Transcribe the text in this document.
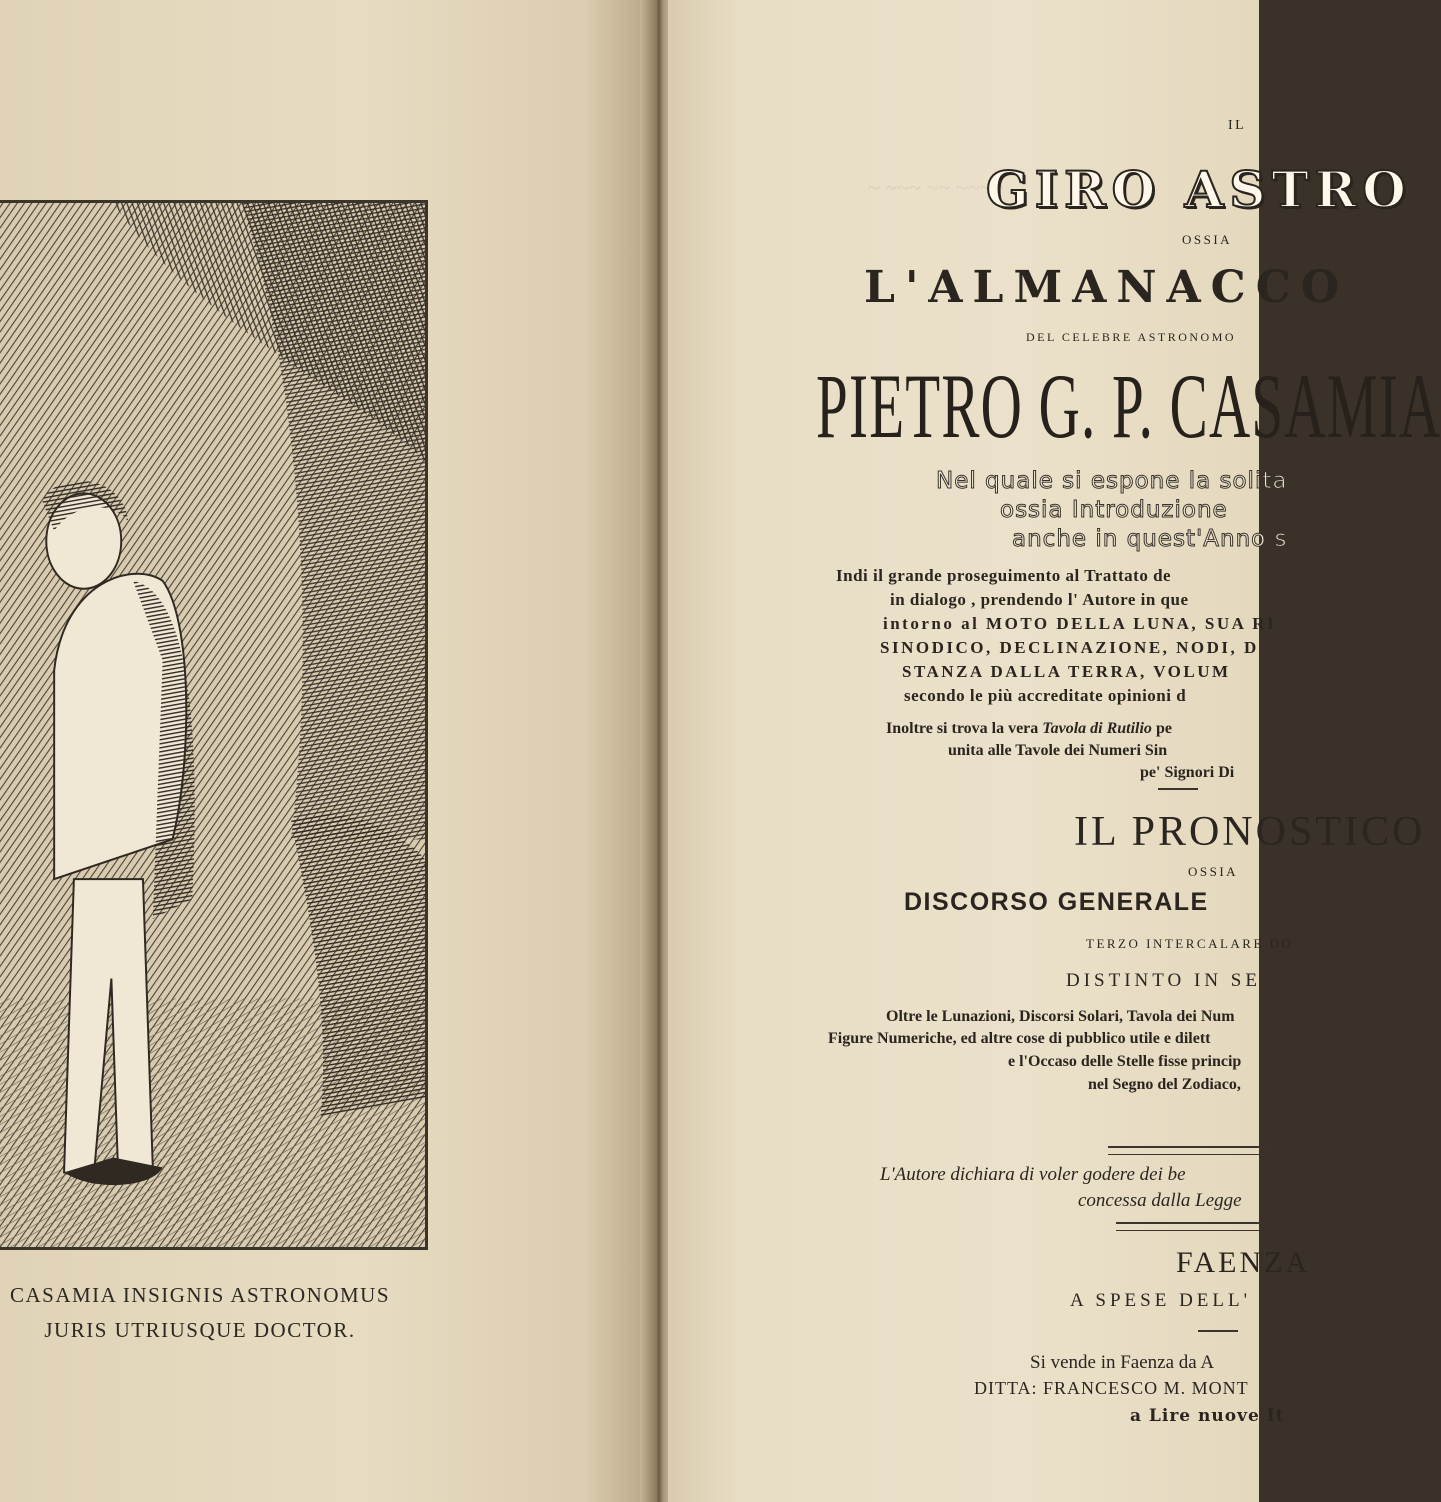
CASAMIA INSIGNIS ASTRONOMUS
JURIS UTRIUSQUE DOCTOR.
~ ~~~ ~~ ~~~~
IL
GIRO ASTRO
OSSIA
L'ALMANACCO
DEL CELEBRE ASTRONOMO
PIETRO G. P. CASAMIA
Nel quale si espone la solita
ossia Introduzione
anche in quest'Anno s
Indi il grande proseguimento al Trattato de
in dialogo , prendendo l' Autore in que
intorno al MOTO DELLA LUNA, SUA RI
SINODICO, DECLINAZIONE, NODI, D
STANZA DALLA TERRA, VOLUM
secondo le più accreditate opinioni d
Inoltre si trova la vera Tavola di Rutilio pe
unita alle Tavole dei Numeri Sin
pe' Signori Di
IL PRONOSTICO
OSSIA
DISCORSO GENERALE
TERZO INTERCALARE DO
DISTINTO IN SE
Oltre le Lunazioni, Discorsi Solari, Tavola dei Num
Figure Numeriche, ed altre cose di pubblico utile e dilett
e l'Occaso delle Stelle fisse princip
nel Segno del Zodiaco,
L'Autore dichiara di voler godere dei be
concessa dalla Legge
FAENZA
A SPESE DELL'
Si vende in Faenza da A
DITTA: FRANCESCO M. MONT
a Lire nuove It
